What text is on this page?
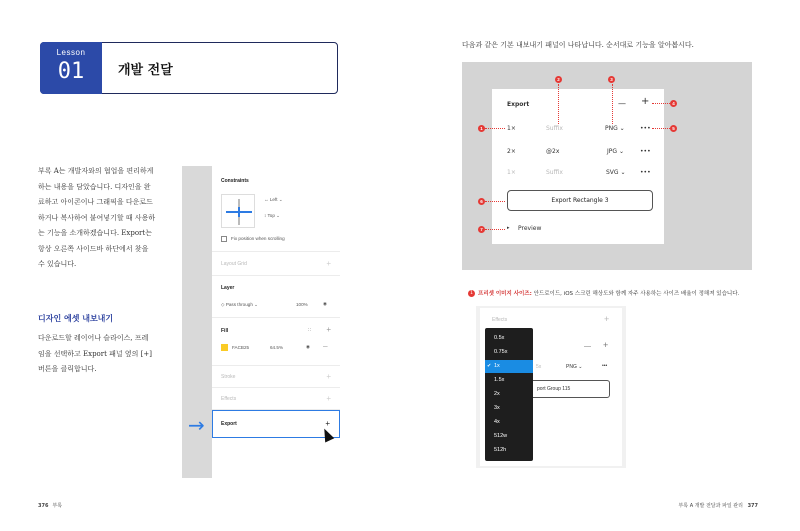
Lesson
01	개발 전달
부록 A는 개발자와의 협업을 편리하게
하는 내용을 담았습니다. 디자인을 완
료하고 아이콘이나 그래픽을 다운로드
하거나 복사하여 붙여넣기할 때 사용하
는 기능을 소개하겠습니다. Export는
항상 오른쪽 사이드바 하단에서 찾을
수 있습니다.
디자인 에셋 내보내기
다운로드할 레이어나 슬라이스, 프레
임을 선택하고 Export 패널 옆의 [+]
버튼을 클릭합니다.
Constraints
↔ Left ⌄
↕ Top ⌄
Fix position when scrolling
Layout Grid	+
Layer
◇ Pass through ⌄	100%	◉
Fill	∷ +
FACB25	64.5%	◉	—
Stroke	+
Effects	+
Export	+
→
376 부록	부록 A 개발 전달과 파일 관리 377
다음과 같은 기본 내보내기 패널이 나타납니다. 순서대로 기능을 알아봅시다.
Export	— +
1×	Suffix	PNG ⌄	•••
2×	@2x	JPG ⌄	•••
1×	Suffix	SVG ⌄ •••
Export Rectangle 3
▸ Preview
1
2	3
4
5
6
7
1 프리셋 이미지 사이즈: 안드로이드, iOS 스크린 해상도와 함께 자주 사용하는 사이즈 배율이 정해져 있습니다.
Effects	+
— +
5x	PNG ⌄	•••
port Group 115
0.5x
0.75x
✔ 1x
1.5x
2x
3x
4x
512w
512h
